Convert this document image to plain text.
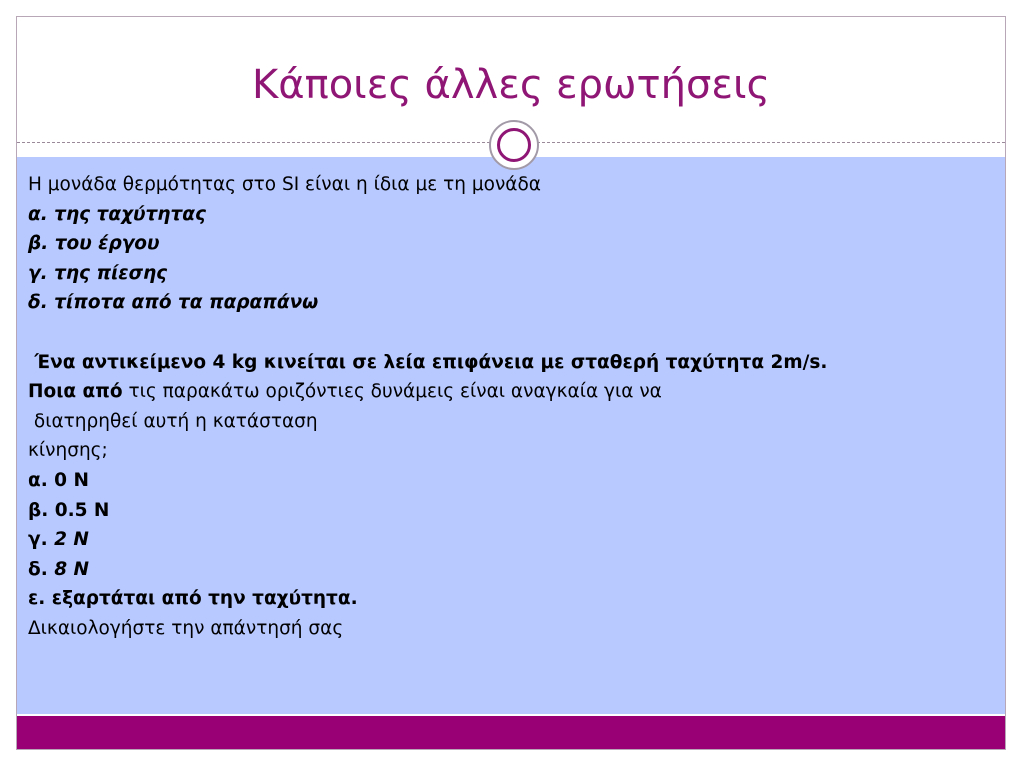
Κάποιες άλλες ερωτήσεις
Η μονάδα θερμότητας στο SI είναι η ίδια με τη μονάδα
α. της ταχύτητας
β. του έργου
γ. της πίεσης
δ. τίποτα από τα παραπάνω

Ένα αντικείμενο 4 kg κινείται σε λεία επιφάνεια με σταθερή ταχύτητα 2m/s.
Ποια από τις παρακάτω οριζόντιες δυνάμεις είναι αναγκαία για να
διατηρηθεί αυτή η κατάσταση
κίνησης;
α. 0 N
β. 0.5 N
γ. 2 N
δ. 8 N
ε. εξαρτάται από την ταχύτητα.
Δικαιολογήστε την απάντησή σας
